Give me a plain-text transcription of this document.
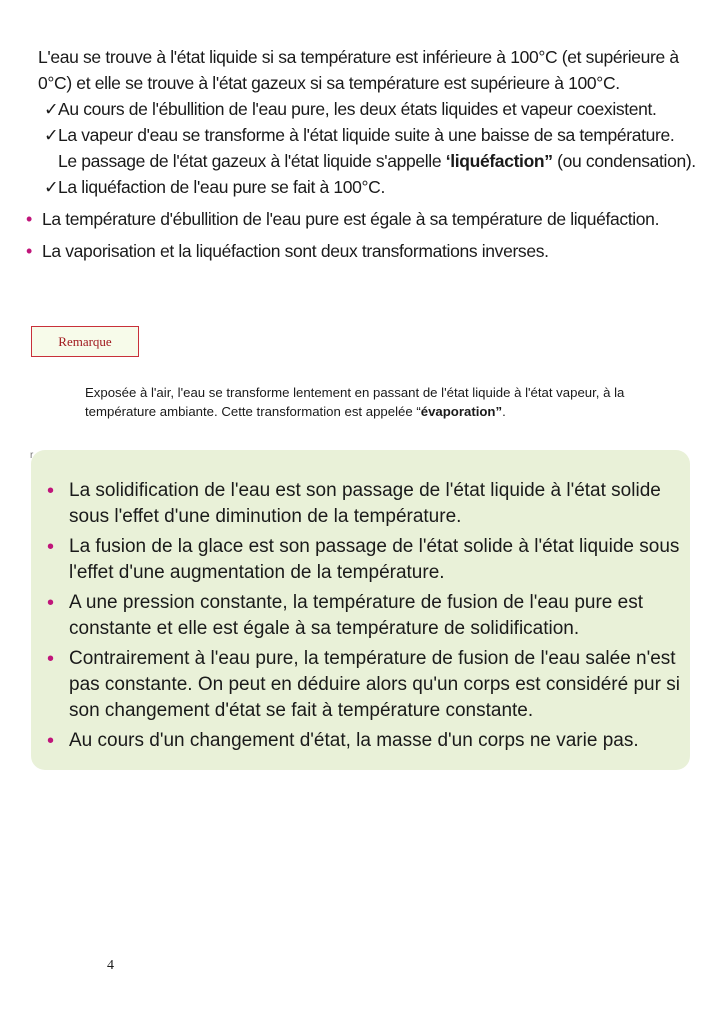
L'eau se trouve à l'état liquide si sa température est inférieure à 100°C (et supérieure à 0°C) et elle se trouve à l'état gazeux si sa température est supérieure à 100°C.

✓ Au cours de l'ébullition de l'eau pure, les deux états liquides et vapeur coexistent.
✓ La vapeur d'eau se transforme à l'état liquide suite à une baisse de sa température. Le passage de l'état gazeux à l'état liquide s'appelle ‘liquéfaction” (ou condensation).
✓ La liquéfaction de l'eau pure se fait à 100°C.
• La température d'ébullition de l'eau pure est égale à sa température de liquéfaction.
• La vaporisation et la liquéfaction sont deux transformations inverses.
Remarque
Exposée à l'air, l'eau se transforme lentement en passant de l'état liquide à l'état vapeur, à la température ambiante. Cette transformation est appelée “évaporation”.
• La solidification de l'eau est son passage de l'état liquide à l'état solide sous l'effet d'une diminution de la température.
• La fusion de la glace est son passage de l'état solide à l'état liquide sous l'effet d'une augmentation de la température.
• A une pression constante, la température de fusion de l'eau pure est constante et elle est égale à sa température de solidification.
• Contrairement à l'eau pure, la température de fusion de l'eau salée n'est pas constante. On peut en déduire alors qu'un corps est considéré pur si son changement d'état se fait à température constante.
• Au cours d'un changement d'état, la masse d'un corps ne varie pas.
r
4
